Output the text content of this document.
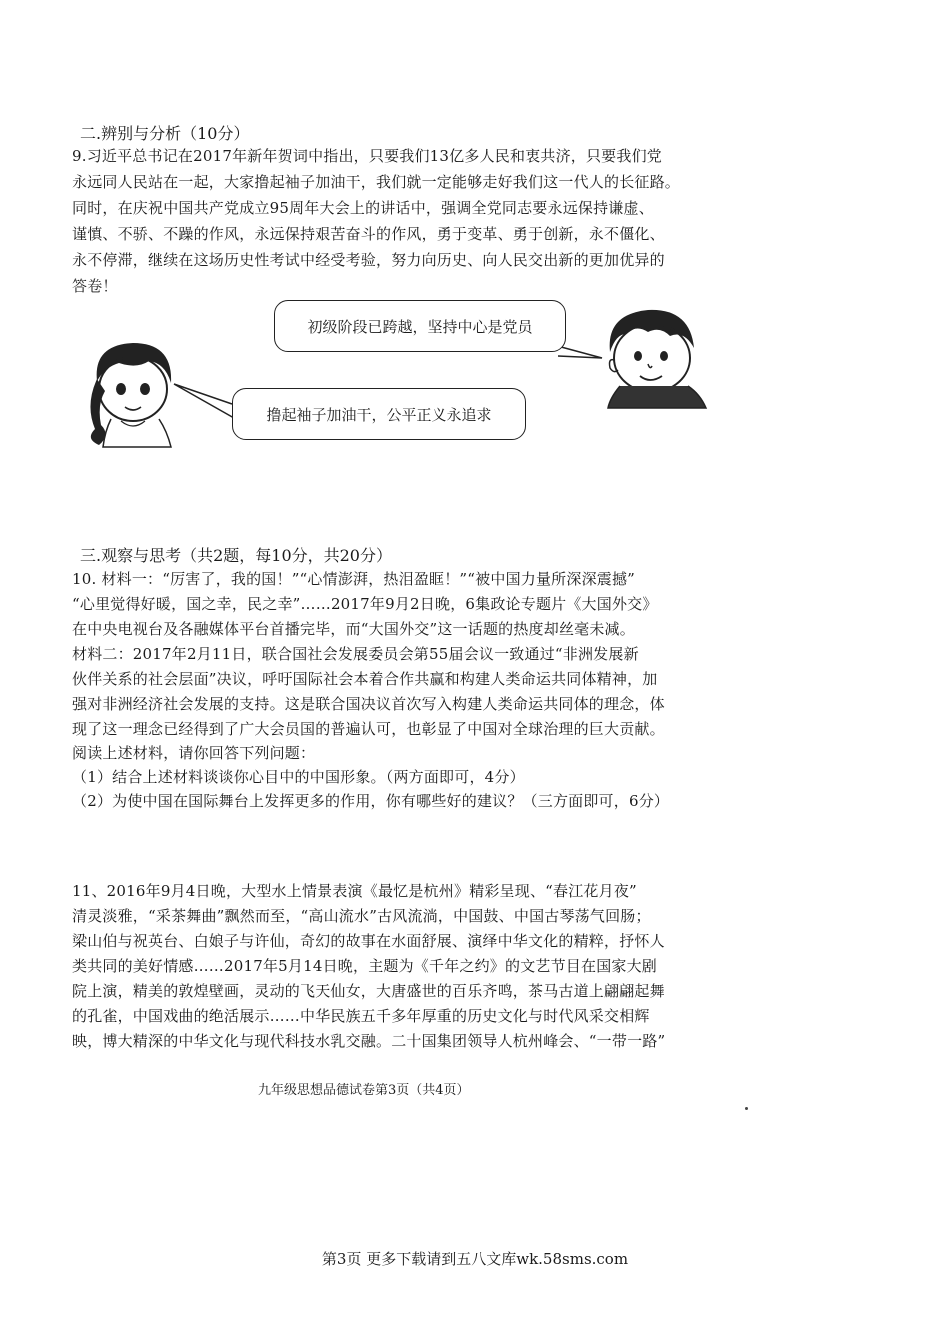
二.辨别与分析（10分）
9.习近平总书记在2017年新年贺词中指出，只要我们13亿多人民和衷共济，只要我们党
永远同人民站在一起，大家撸起袖子加油干，我们就一定能够走好我们这一代人的长征路。
同时，在庆祝中国共产党成立95周年大会上的讲话中，强调全党同志要永远保持谦虚、
谨慎、不骄、不躁的作风，永远保持艰苦奋斗的作风，勇于变革、勇于创新，永不僵化、
永不停滞，继续在这场历史性考试中经受考验，努力向历史、向人民交出新的更加优异的
答卷！
初级阶段已跨越，坚持中心是党员
撸起袖子加油干，公平正义永追求
三.观察与思考（共2题，每10分，共20分）
10. 材料一：“厉害了，我的国！”“心情澎湃，热泪盈眶！”“被中国力量所深深震撼”
“心里觉得好暖，国之幸，民之幸”……2017年9月2日晚，6集政论专题片《大国外交》
在中央电视台及各融媒体平台首播完毕，而“大国外交”这一话题的热度却丝毫未减。
材料二：2017年2月11日，联合国社会发展委员会第55届会议一致通过“非洲发展新
伙伴关系的社会层面”决议，呼吁国际社会本着合作共赢和构建人类命运共同体精神，加
强对非洲经济社会发展的支持。这是联合国决议首次写入构建人类命运共同体的理念，体
现了这一理念已经得到了广大会员国的普遍认可，也彰显了中国对全球治理的巨大贡献。
阅读上述材料，请你回答下列问题：
（1）结合上述材料谈谈你心目中的中国形象。（两方面即可，4分）
（2）为使中国在国际舞台上发挥更多的作用，你有哪些好的建议？（三方面即可，6分）
11、2016年9月4日晚，大型水上情景表演《最忆是杭州》精彩呈现、“春江花月夜”
清灵淡雅，“采茶舞曲”飘然而至，“高山流水”古风流淌，中国鼓、中国古琴荡气回肠；
梁山伯与祝英台、白娘子与许仙，奇幻的故事在水面舒展、演绎中华文化的精粹，抒怀人
类共同的美好情感……2017年5月14日晚，主题为《千年之约》的文艺节目在国家大剧
院上演，精美的敦煌壁画，灵动的飞天仙女，大唐盛世的百乐齐鸣，茶马古道上翩翩起舞
的孔雀，中国戏曲的绝活展示……中华民族五千多年厚重的历史文化与时代风采交相辉
映，博大精深的中华文化与现代科技水乳交融。二十国集团领导人杭州峰会、“一带一路”
九年级思想品德试卷第3页（共4页）
第3页 更多下载请到五八文库wk.58sms.com
